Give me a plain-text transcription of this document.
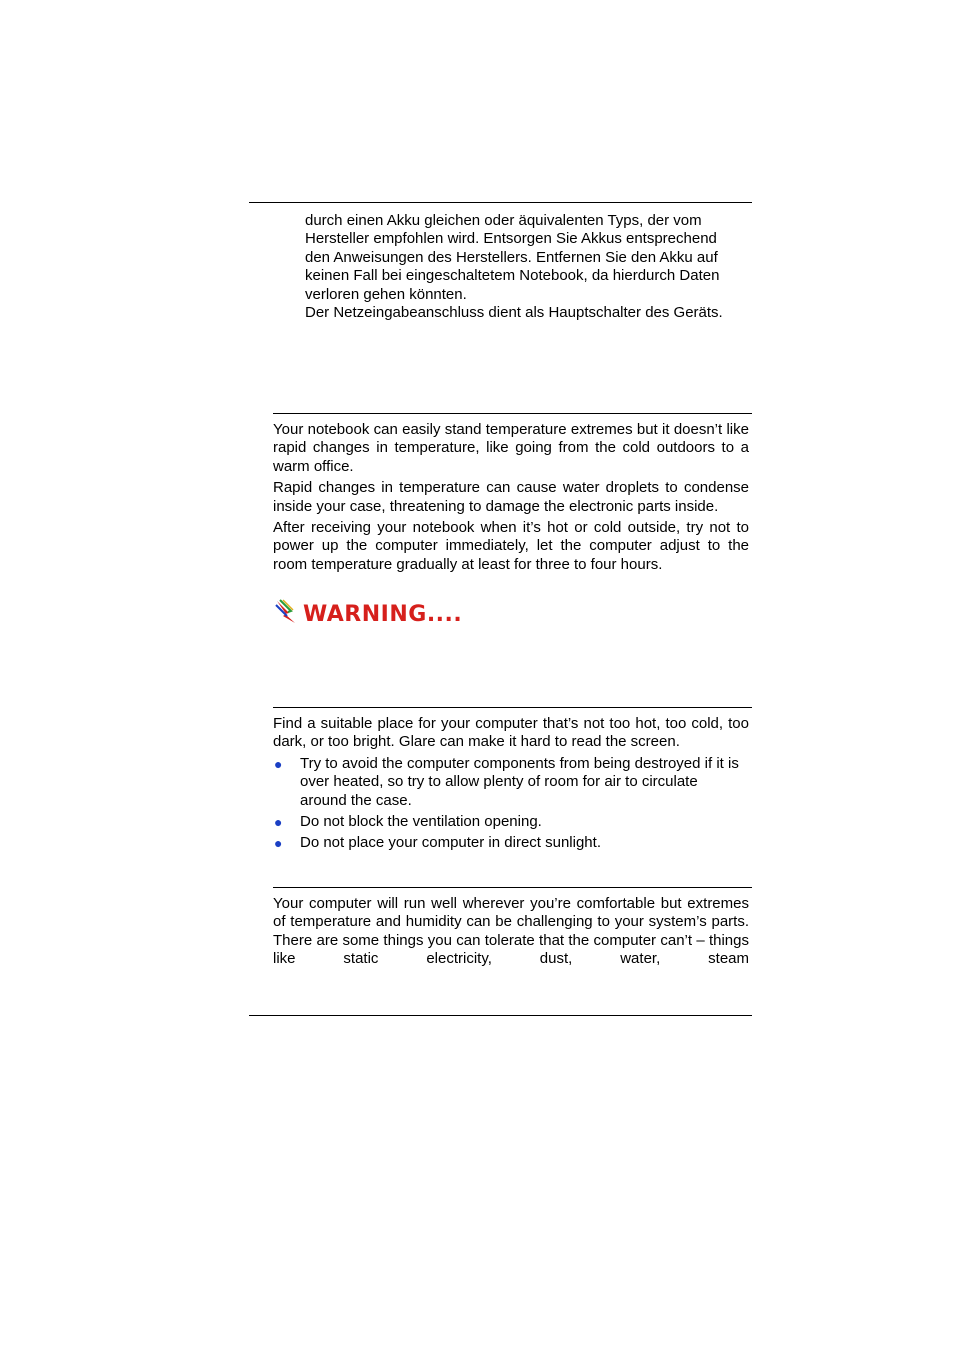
durch einen Akku gleichen oder äquivalenten Typs, der vom
Hersteller empfohlen wird. Entsorgen Sie Akkus entsprechend
den Anweisungen des Herstellers. Entfernen Sie den Akku auf
keinen Fall bei eingeschaltetem Notebook, da hierdurch Daten
verloren gehen könnten.
Der Netzeingabeanschluss dient als Hauptschalter des Geräts.

Your notebook can easily stand temperature extremes but it doesn’t like rapid changes in temperature, like going from the cold outdoors to a warm office.

Rapid changes in temperature can cause water droplets to condense inside your case, threatening to damage the electronic parts inside.

After receiving your notebook when it’s hot or cold outside, try not to power up the computer immediately, let the computer adjust to the room temperature gradually at least for three to four hours.

WARNING....

Find a suitable place for your computer that’s not too hot, too cold, too dark, or too bright. Glare can make it hard to read the screen.

● Try to avoid the computer components from being destroyed if it is over heated, so try to allow plenty of room for air to circulate around the case.
● Do not block the ventilation opening.
● Do not place your computer in direct sunlight.

Your computer will run well wherever you’re comfortable but extremes of temperature and humidity can be challenging to your system’s parts. There are some things you can tolerate that the computer can’t – things like static electricity, dust, water, steam
